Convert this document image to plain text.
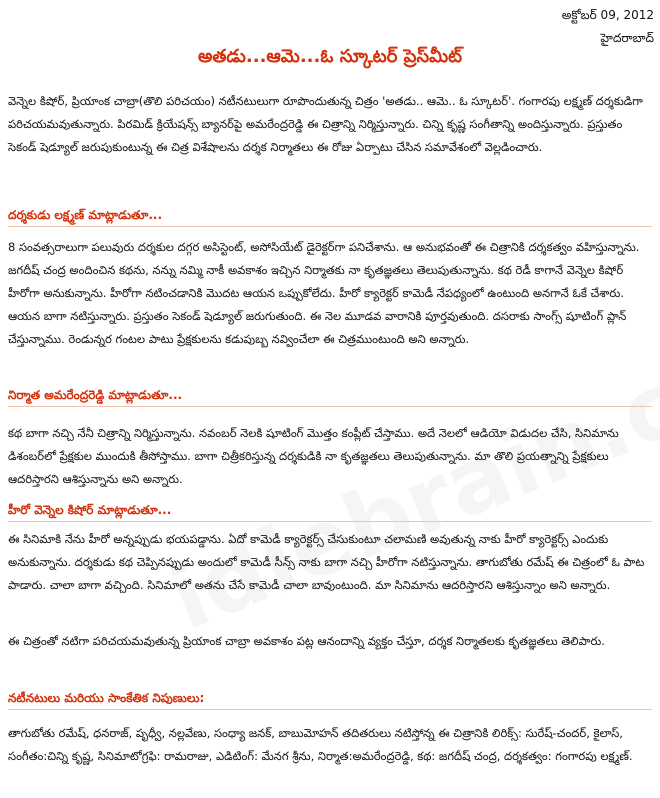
అక్టోబర్ 09, 2012
హైదరాబాద్
అతడు...ఆమె...ఓ స్కూటర్ ప్రెస్‌మీట్

వెన్నెల కిషోర్, ప్రియాంక చాబ్రా(తొలి పరిచయం) నటీనటులుగా రూపొందుతున్న చిత్రం 'అతడు.. ఆమె.. ఓ స్కూటర్'. గంగారపు లక్ష్మణ్ దర్శకుడిగా పరిచయమవుతున్నారు. పిరమిడ్ క్రియేషన్స్ బ్యానర్‌పై అమరేంద్రరెడ్డి ఈ చిత్రాన్ని నిర్మిస్తున్నారు. చిన్ని కృష్ణ సంగీతాన్ని అందిస్తున్నారు. ప్రస్తుతం సెకండ్ షెడ్యూల్ జరుపుకుంటున్న ఈ చిత్ర విశేషాలను దర్శక నిర్మాతలు ఈ రోజు ఏర్పాటు చేసిన సమావేశంలో వెల్లడించారు.

దర్శకుడు లక్ష్మణ్ మాట్లాడుతూ...

8 సంవత్సరాలుగా పలువురు దర్శకుల దగ్గర అసిస్టెంట్, అసోసియేట్ డైరెక్టర్‌గా పనిచేశాను. ఆ అనుభవంతో ఈ చిత్రానికి దర్శకత్వం వహిస్తున్నాను. జగదీష్ చంద్ర అందించిన కథను, నన్ను నమ్మి నాకీ అవకాశం ఇచ్చిన నిర్మాతకు నా కృతజ్ఞతలు తెలుపుతున్నాను. కథ రెడీ కాగానే వెన్నెల కిషోర్ హీరోగా అనుకున్నాను. హీరోగా నటించడానికి మొదట ఆయన ఒప్పుకోలేదు. హీరో క్యారెక్టర్ కామెడీ నేపధ్యంలో ఉంటుంది అనగానే ఓకే చేశారు. ఆయన బాగా నటిస్తున్నారు. ప్రస్తుతం సెకండ్ షెడ్యూల్ జరుగుతుంది. ఈ నెల మూడవ వారానికి పూర్తవుతుంది. దసరాకు సాంగ్స్ షూటింగ్ ప్లాన్ చేస్తున్నాము. రెండున్నర గంటల పాటు ప్రేక్షకులను కడుపుబ్బ నవ్వించేలా ఈ చిత్రముంటుంది అని అన్నారు.

నిర్మాత అమరేంద్రరెడ్డి మాట్లాడుతూ...

కథ బాగా నచ్చి నేనీ చిత్రాన్ని నిర్మిస్తున్నాను. నవంబర్ నెలకి షూటింగ్ మొత్తం కంప్లీట్ చేస్తాము. అదే నెలలో ఆడియో విడుదల చేసి, సినిమాను డిశంబర్‌లో ప్రేక్షకుల ముందుకి తీసోస్తాము. బాగా చిత్రీకరిస్తున్న దర్శకుడికి నా కృతజ్ఞతలు తెలుపుతున్నాను. మా తొలి ప్రయత్నాన్ని ప్రేక్షకులు ఆదరిస్తారని ఆశిస్తున్నాను అని అన్నారు.

హీరో వెన్నెల కిషోర్ మాట్లాడుతూ...

ఈ సినిమాకి నేను హీరో అన్నప్పుడు భయపడ్డాను. ఏదో కామెడీ క్యారెక్టర్స్ చేసుకుంటూ చలామణి అవుతున్న నాకు హీరో క్యారెక్టర్స్ ఎందుకు అనుకున్నాను. దర్శకుడు కథ చెప్పినప్పుడు అందులో కామెడీ సీన్స్ నాకు బాగా నచ్చి హీరోగా నటిస్తున్నాను. తాగుబోతు రమేష్ ఈ చిత్రంలో ఓ పాట పాడారు. చాలా బాగా వచ్చింది. సినిమాలో అతను చేసే కామెడీ చాలా బావుంటుంది. మా సినిమాను ఆదరిస్తారని ఆశిస్తున్నాం అని అన్నారు.

ఈ చిత్రంతో నటిగా పరిచయమవుతున్న ప్రియాంక చాబ్రా అవకాశం పట్ల ఆనందాన్ని వ్యక్తం చేస్తూ, దర్శక నిర్మాతలకు కృతజ్ఞతలు తెలిపారు.

నటీనటులు మరియు సాంకేతిక నిపుణులు:

తాగుబోతు రమేష్, ధనరాజ్, పృధ్వీ, నల్లవేణు, సంధ్యా జనక్, బాబుమోహన్ తదితరులు నటిస్తోన్న ఈ చిత్రానికి లిరిక్స్: సురేష్-చందర్, కైలాస్, సంగీతం:చిన్ని కృష్ణ, సినిమాటోగ్రఫి: రామరాజు, ఎడిటింగ్: మేనగ శ్రీను, నిర్మాత:అమరేంద్రరెడ్డి, కథ: జగదీష్ చంద్ర, దర్శకత్వం: గంగారపు లక్ష్మణ్.
